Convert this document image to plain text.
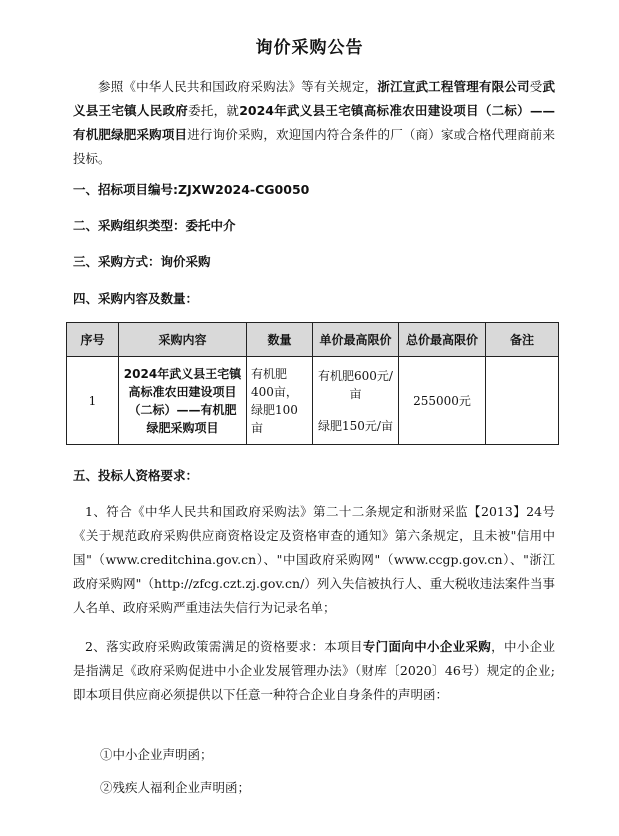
询价采购公告
参照《中华人民共和国政府采购法》等有关规定，浙江宣武工程管理有限公司受武义县王宅镇人民政府委托，就2024年武义县王宅镇高标准农田建设项目（二标）——有机肥绿肥采购项目进行询价采购，欢迎国内符合条件的厂（商）家或合格代理商前来投标。
一、招标项目编号:ZJXW2024-CG0050
二、采购组织类型：委托中介
三、采购方式：询价采购
四、采购内容及数量：
序号	采购内容	数量	单价最高限价	总价最高限价	备注
1	2024年武义县王宅镇高标准农田建设项目（二标）——有机肥绿肥采购项目	有机肥400亩，绿肥100亩	有机肥600元/亩
绿肥150元/亩	255000元	
五、投标人资格要求：
1、符合《中华人民共和国政府采购法》第二十二条规定和浙财采监【2013】24号《关于规范政府采购供应商资格设定及资格审查的通知》第六条规定，且未被"信用中国"（www.creditchina.gov.cn）、"中国政府采购网"（www.ccgp.gov.cn）、"浙江政府采购网"（http://zfcg.czt.zj.gov.cn/）列入失信被执行人、重大税收违法案件当事人名单、政府采购严重违法失信行为记录名单；
2、落实政府采购政策需满足的资格要求：本项目专门面向中小企业采购，中小企业是指满足《政府采购促进中小企业发展管理办法》（财库〔2020〕46号）规定的企业;即本项目供应商必须提供以下任意一种符合企业自身条件的声明函：
①中小企业声明函；
②残疾人福利企业声明函；
